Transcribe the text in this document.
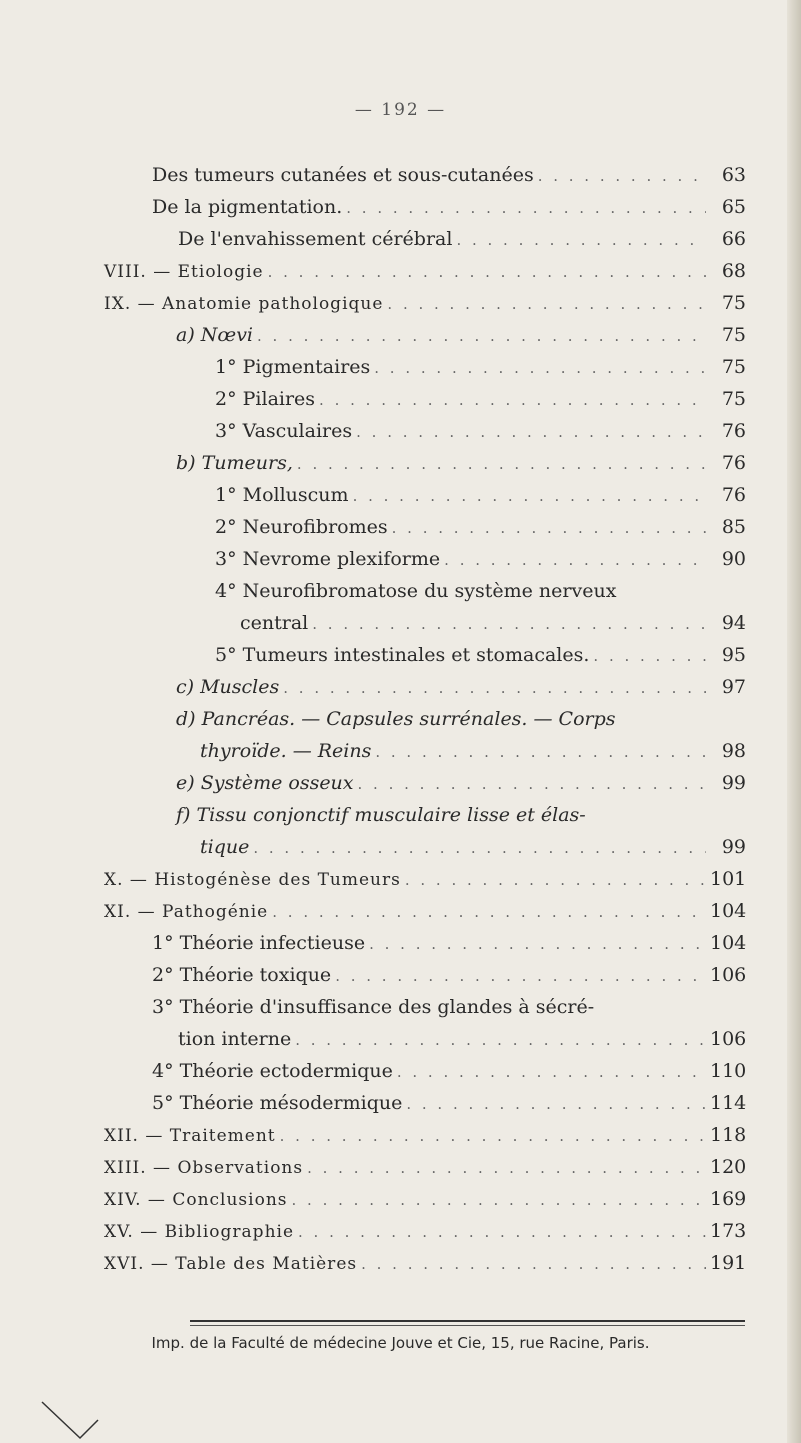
— 192 —
Des tumeurs cutanées et sous-cutanées . . .	63
De la pigmentation. . . .	65
De l'envahissement cérébral . . .	66
VIII. — Etiologie . . .	68
IX. — Anatomie pathologique . . .	75
a) Nœvi . . .	75
1° Pigmentaires . . .	75
2° Pilaires . . .	75
3° Vasculaires . . .	76
b) Tumeurs, . . .	76
1° Molluscum . . .	76
2° Neurofibromes . . .	85
3° Nevrome plexiforme . . .	90
4° Neurofibromatose du système nerveux
central . . .	94
5° Tumeurs intestinales et stomacales. . . .	95
c) Muscles . . .	97
d) Pancréas. — Capsules surrénales. — Corps
thyroïde. — Reins . . .	98
e) Système osseux . . .	99
f) Tissu conjonctif musculaire lisse et élas-
tique . . .	99
X. — Histogénèse des Tumeurs . . .	101
XI. — Pathogénie . . .	104
1° Théorie infectieuse . . .	104
2° Théorie toxique . . .	106
3° Théorie d'insuffisance des glandes à sécré-
tion interne . . .	106
4° Théorie ectodermique . . .	110
5° Théorie mésodermique . . .	114
XII. — Traitement . . .	118
XIII. — Observations . . .	120
XIV. — Conclusions . . .	169
XV. — Bibliographie . . .	173
XVI. — Table des Matières . . .	191
Imp. de la Faculté de médecine Jouve et Cie, 15, rue Racine, Paris.
